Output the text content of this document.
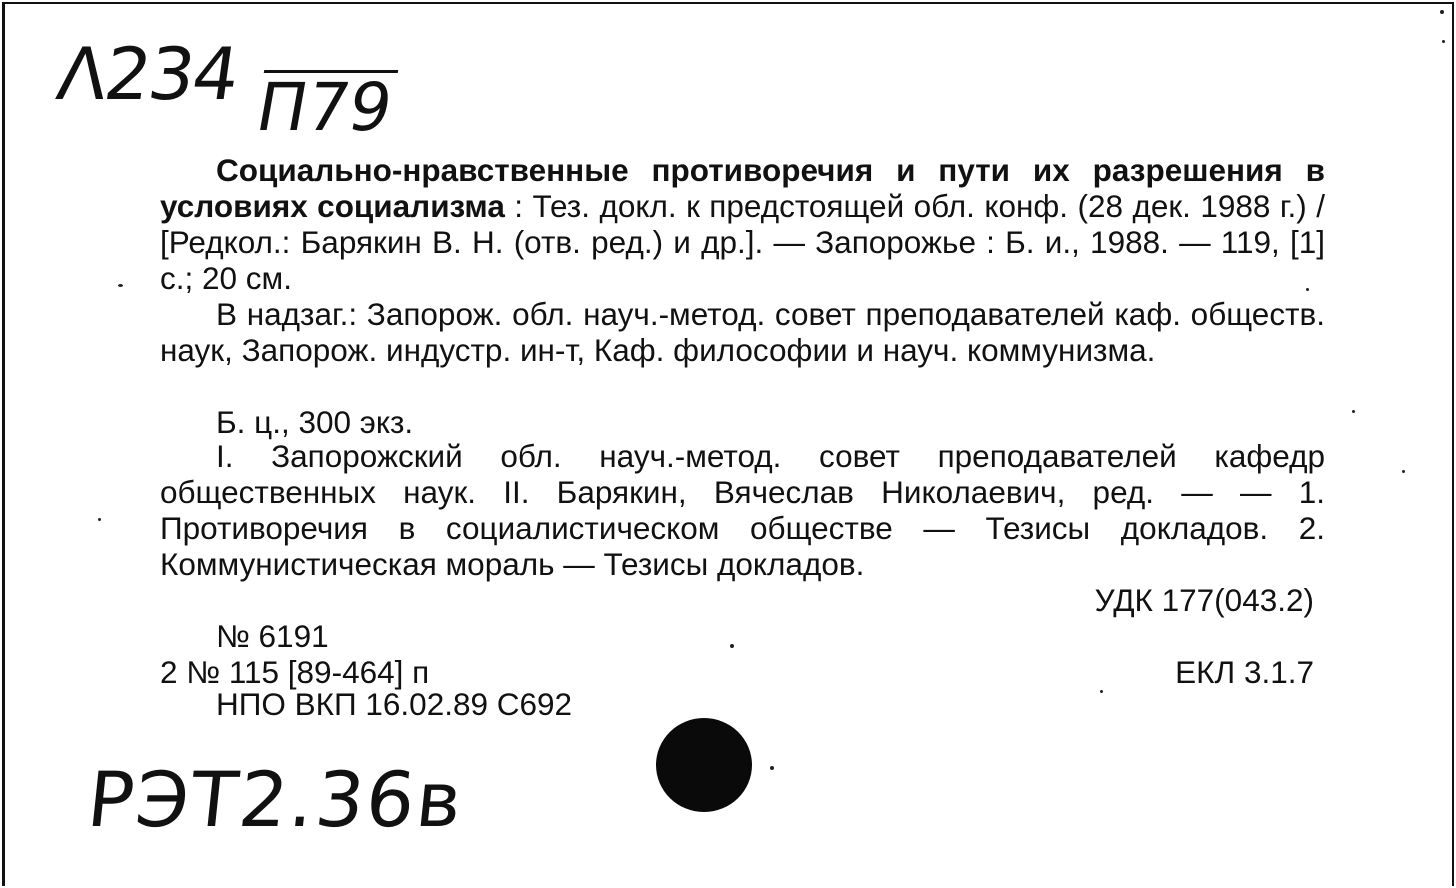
Λ234 П79

Социально-нравственные противоречия и пути их разрешения в условиях социализма : Тез. докл. к предстоящей обл. конф. (28 дек. 1988 г.) / [Редкол.: Барякин В. Н. (отв. ред.) и др.]. — Запорожье : Б. и., 1988. — 119, [1] с.; 20 см.

В надзаг.: Запорож. обл. науч.-метод. совет преподавателей каф. обществ. наук, Запорож. индустр. ин-т, Каф. философии и науч. коммунизма.

Б. ц., 300 экз.

I. Запорожский обл. науч.-метод. совет преподавателей кафедр общественных наук. II. Барякин, Вячеслав Николаевич, ред. — — 1. Противоречия в социалистическом обществе — Тезисы докладов. 2. Коммунистическая мораль — Тезисы докладов.

УДК 177(043.2)
ЕКЛ 3.1.7
№ 6191
2 № 115 [89-464] п
НПО ВКП 16.02.89 С692
РЭТ2.36в
